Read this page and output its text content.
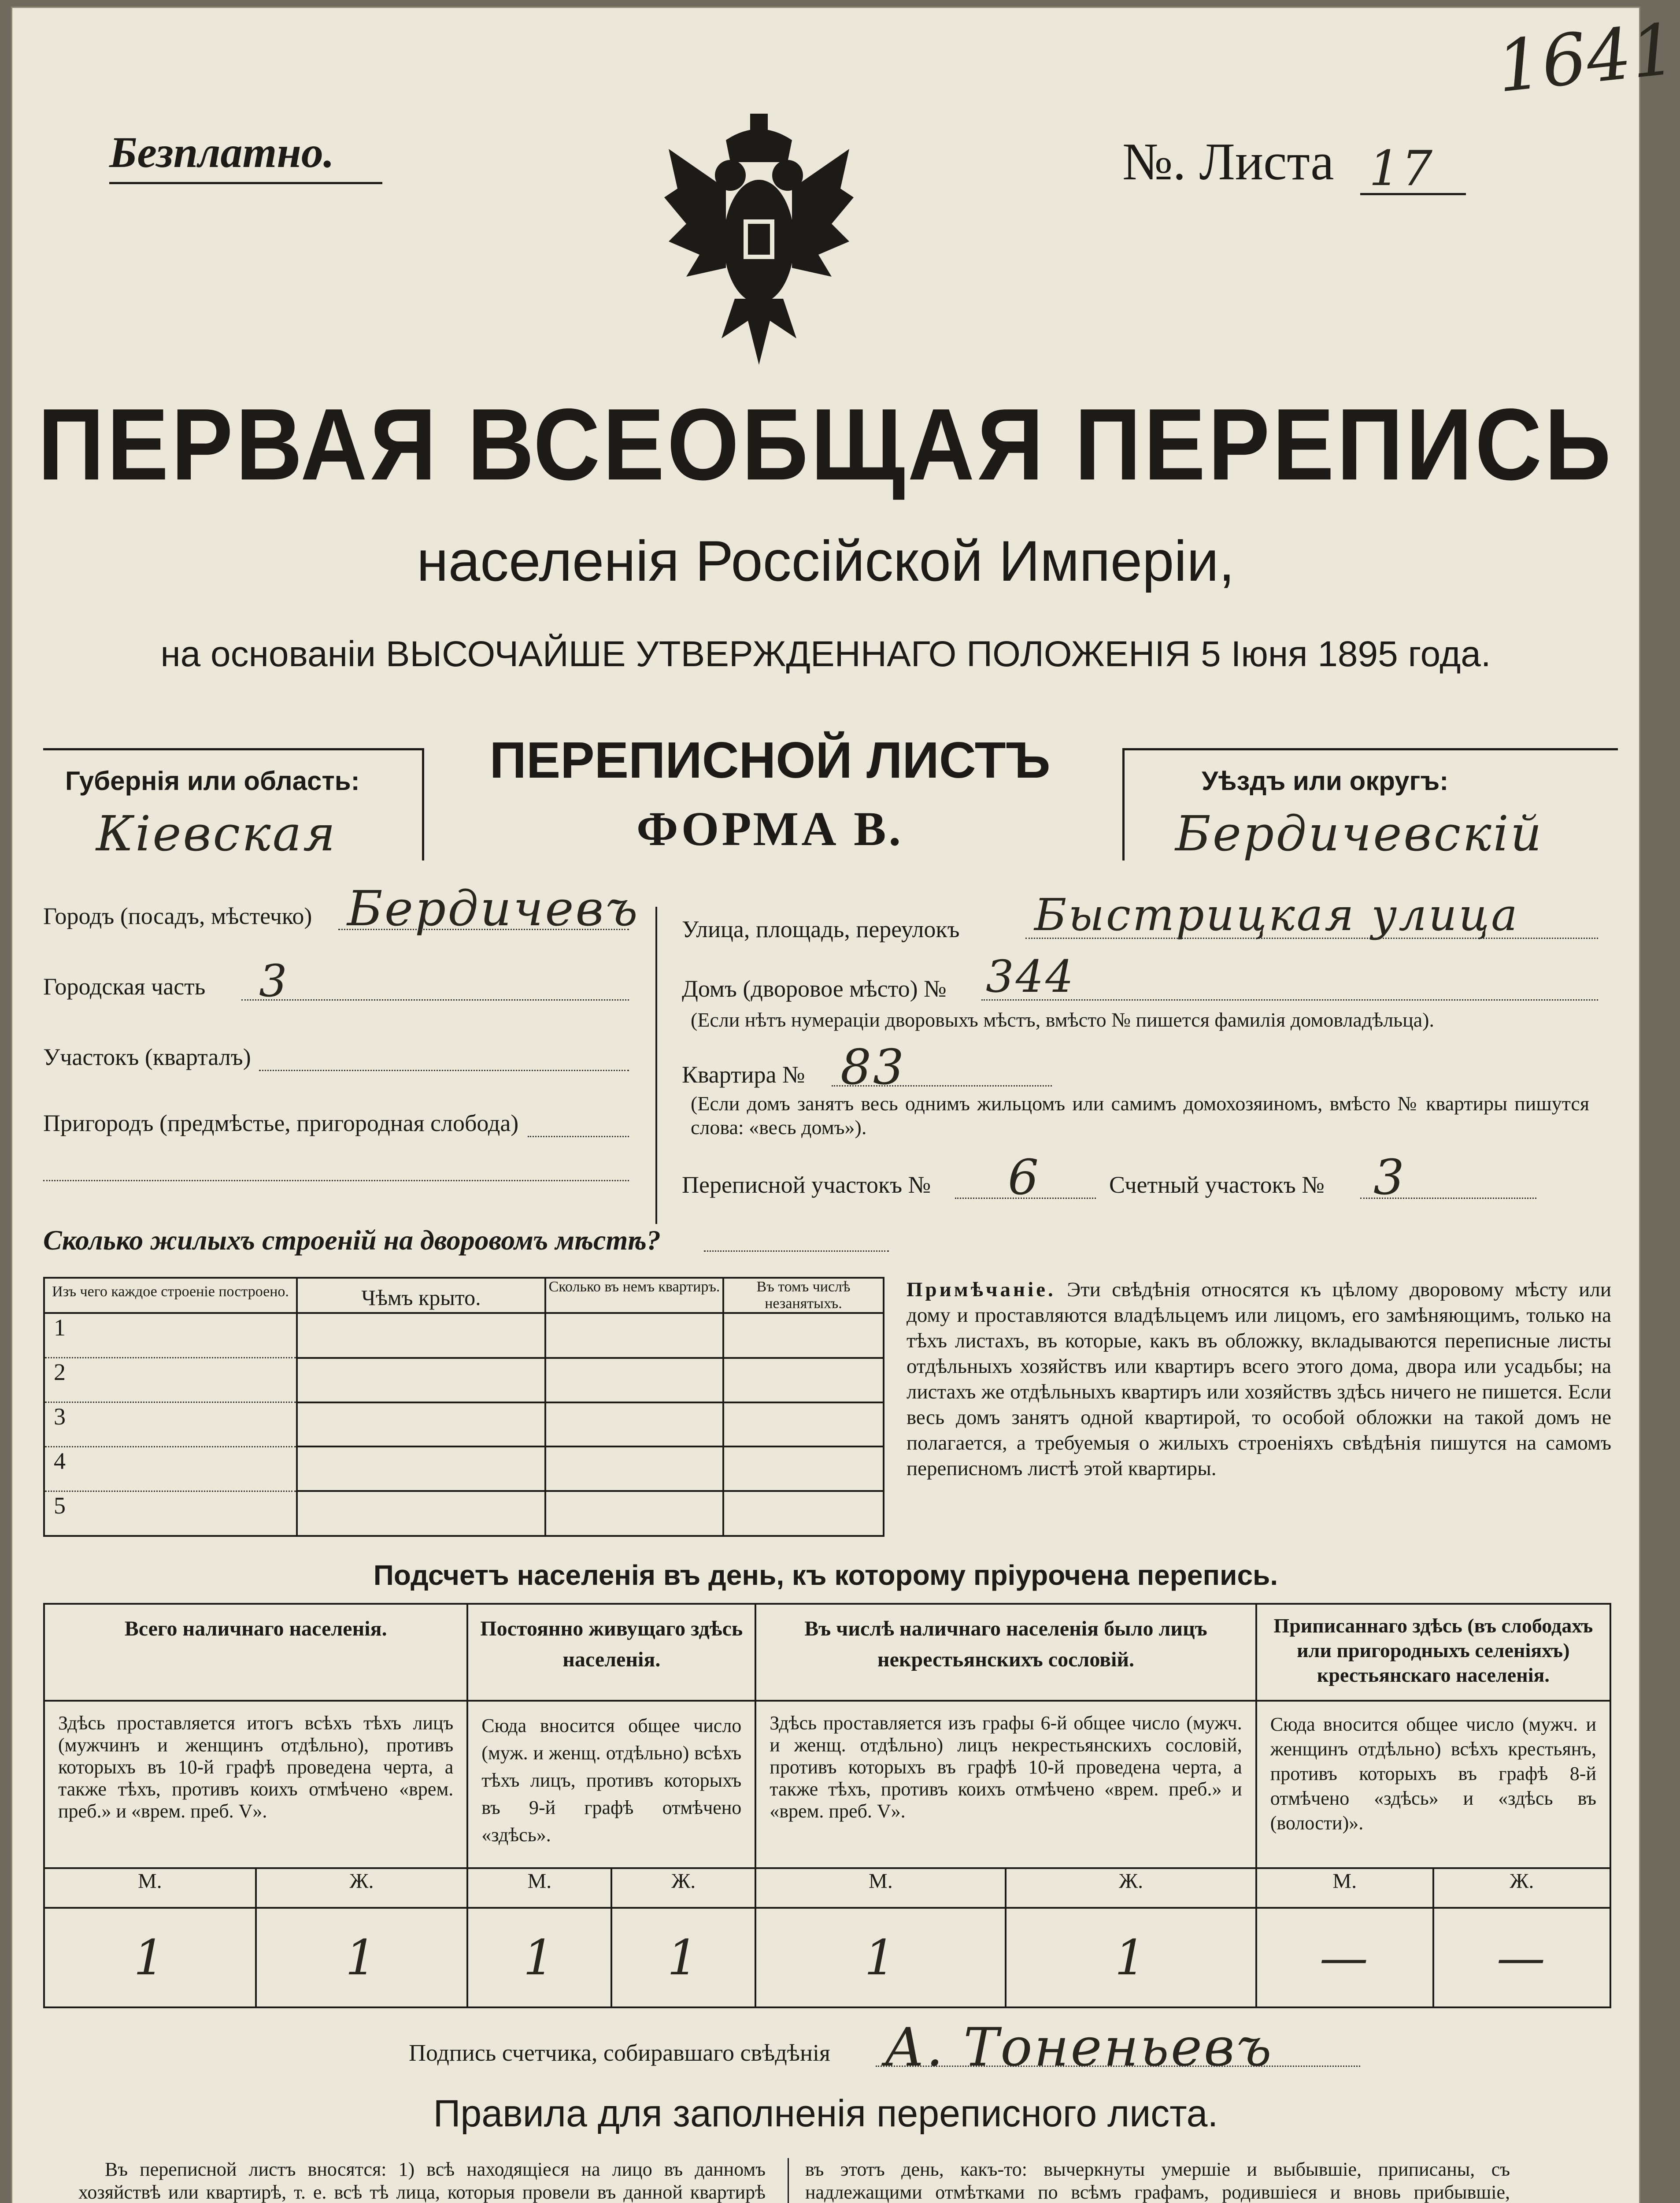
1641
Безплатно.	№. Листа 17
ПЕРВАЯ ВСЕОБЩАЯ ПЕРЕПИСЬ
населенія Россійской Имперіи,
на основаніи ВЫСОЧАЙШЕ УТВЕРЖДЕННАГО ПОЛОЖЕНІЯ 5 Іюня 1895 года.
Губернія или область:
Кіевская
ПЕРЕПИСНОЙ ЛИСТЪ
ФОРМА В.
Уѣздъ или округъ:
Бердичевскій
Городъ (посадъ, мѣстечко) Бердичевъ
Городская часть 3
Участокъ (кварталъ)
Пригородъ (предмѣстье, пригородная слобода)
Улица, площадь, переулокъ Быстрицкая улица
Домъ (дворовое мѣсто) № 344
(Если нѣтъ нумераціи дворовыхъ мѣстъ, вмѣсто № пишется фамилія домовладѣльца).
Квартира № 83
(Если домъ занятъ весь однимъ жильцомъ или самимъ домохозяиномъ, вмѣсто № квартиры пишутся слова: «весь домъ»).
Переписной участокъ № 6	Счетный участокъ № 3
Сколько жилыхъ строеній на дворовомъ мѣстѣ?
Изъ чего каждое строеніе построено.	Чѣмъ крыто.	Сколько въ немъ квартиръ.	Въ томъ числѣ незанятыхъ.
1			
2			
3			
4			
5			
Примѣчаніе. Эти свѣдѣнія относятся къ цѣлому дворовому мѣсту или дому и проставляются владѣльцемъ или лицомъ, его замѣняющимъ, только на тѣхъ листахъ, въ которые, какъ въ обложку, вкладываются переписные листы отдѣльныхъ хозяйствъ или квартиръ всего этого дома, двора или усадьбы; на листахъ же отдѣльныхъ квартиръ или хозяйствъ здѣсь ничего не пишется. Если весь домъ занятъ одной квартирой, то особой обложки на такой домъ не полагается, а требуемыя о жилыхъ строеніяхъ свѣдѣнія пишутся на самомъ переписномъ листѣ этой квартиры.
Подсчетъ населенія въ день, къ которому пріурочена перепись.
Всего наличнаго населенія.		Постоянно живущаго здѣсь населенія.		Въ числѣ наличнаго населенія было лицъ некрестьянскихъ сословій.		Приписаннаго здѣсь (въ слободахъ или пригородныхъ селеніяхъ) крестьянскаго населенія.	

Здѣсь проставляется итогъ всѣхъ тѣхъ лицъ (мужчинъ и женщинъ отдѣльно), противъ которыхъ въ 10-й графѣ проведена черта, а также тѣхъ, противъ коихъ отмѣчено «врем. преб.» и «врем. преб. V».		Сюда вносится общее число (муж. и женщ. отдѣльно) всѣхъ тѣхъ лицъ, противъ которыхъ въ 9-й графѣ отмѣчено «здѣсь».		Здѣсь проставляется изъ графы 6-й общее число (мужч. и женщ. отдѣльно) лицъ некрестьянскихъ сословій, противъ которыхъ въ графѣ 10-й проведена черта, а также тѣхъ, противъ коихъ отмѣчено «врем. преб.» и «врем. преб. V».		Сюда вносится общее число (мужч. и женщинъ отдѣльно) всѣхъ крестьянъ, противъ которыхъ въ графѣ 8-й отмѣчено «здѣсь» и «здѣсь въ (волости)».	

М.	Ж.	М.	Ж.	М.	Ж.	М.	Ж.
1	1	1	1	1	1	—	—
Подпись счетчика, собиравшаго свѣдѣнія А. Тоненьевъ
Правила для заполненія переписного листа.

Въ переписной листъ вносятся: 1) всѣ находящіеся на лицо въ данномъ хозяйствѣ или квартирѣ, т. е. всѣ тѣ лица, которыя провели въ данной квартирѣ

въ этотъ день, какъ-то: вычеркнуты умершіе и выбывшіе, приписаны, съ надлежащими отмѣтками по всѣмъ графамъ, родившіеся и вновь прибывшіе,
